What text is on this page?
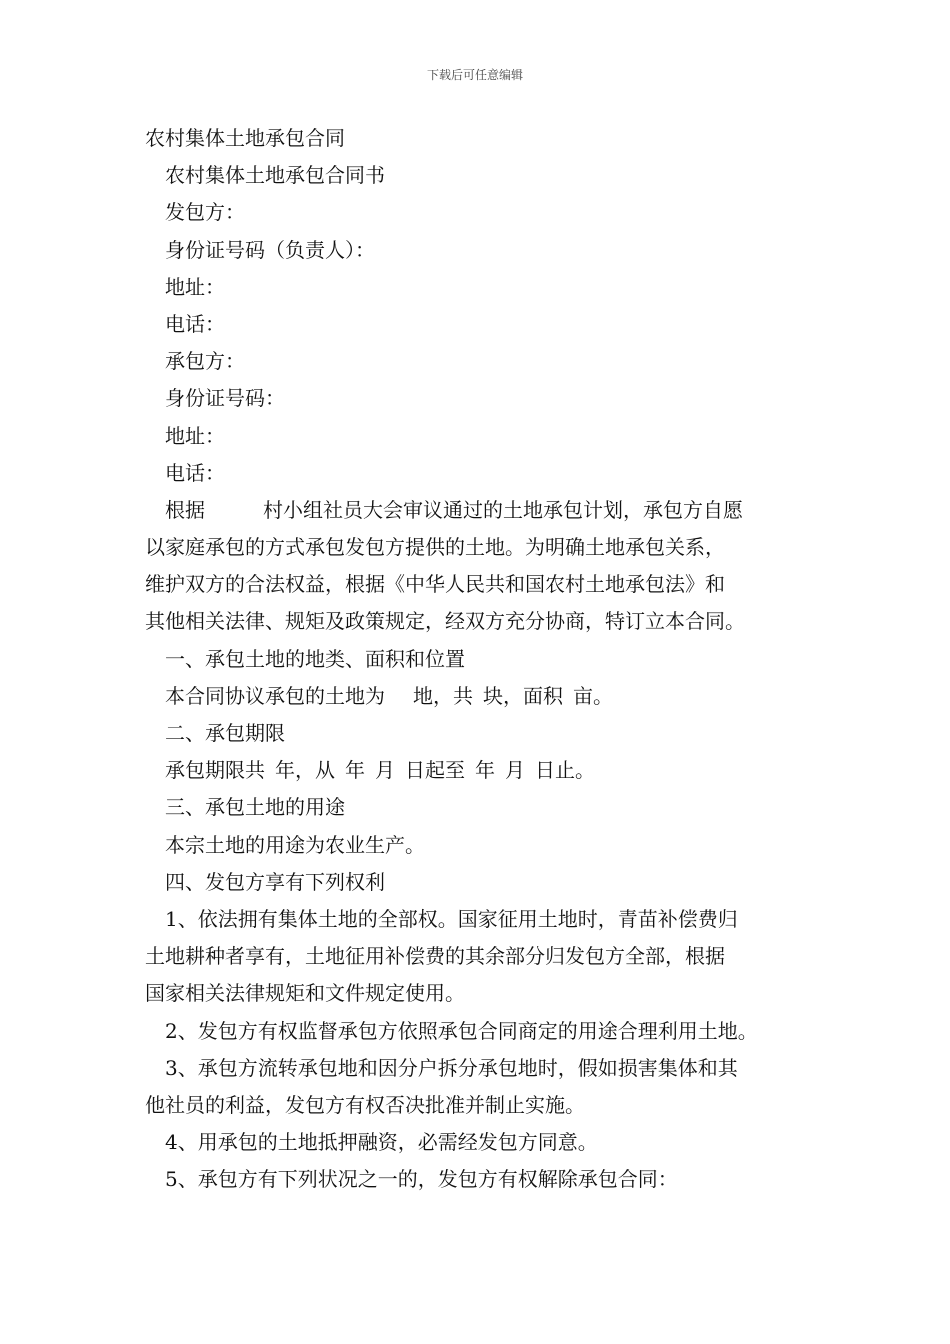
下载后可任意编辑
农村集体土地承包合同
农村集体土地承包合同书
发包方：
身份证号码（负责人）：
地址：
电话：
承包方：
身份证号码：
地址：
电话：
根据	村小组社员大会审议通过的土地承包计划，承包方自愿
以家庭承包的方式承包发包方提供的土地。为明确土地承包关系，
维护双方的合法权益，根据《中华人民共和国农村土地承包法》和
其他相关法律、规矩及政策规定，经双方充分协商，特订立本合同。
一、承包土地的地类、面积和位置
本合同协议承包的土地为 地，共 块，面积 亩。
二、承包期限
承包期限共 年，从 年 月 日起至 年 月 日止。
三、承包土地的用途
本宗土地的用途为农业生产。
四、发包方享有下列权利
1、依法拥有集体土地的全部权。国家征用土地时，青苗补偿费归
土地耕种者享有，土地征用补偿费的其余部分归发包方全部，根据
国家相关法律规矩和文件规定使用。
2、发包方有权监督承包方依照承包合同商定的用途合理利用土地。
3、承包方流转承包地和因分户拆分承包地时，假如损害集体和其
他社员的利益，发包方有权否决批准并制止实施。
4、用承包的土地抵押融资，必需经发包方同意。
5、承包方有下列状况之一的，发包方有权解除承包合同：
